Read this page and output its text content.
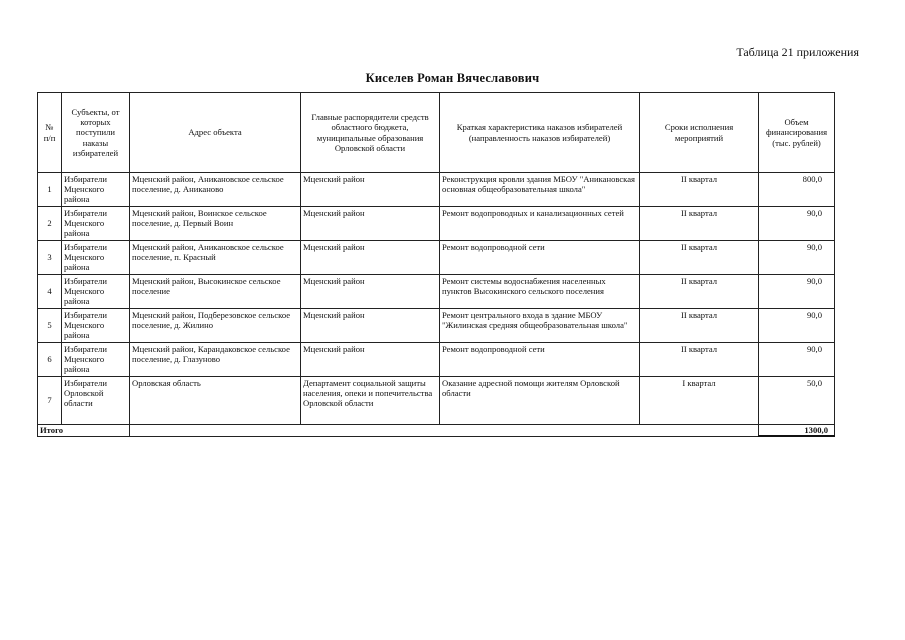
Таблица 21 приложения
Киселев Роман Вячеславович
№ п/п	Субъекты, от которых поступили наказы избирателей	Адрес объекта	Главные распорядители средств областного бюджета, муниципальные образования Орловской области	Краткая характеристика наказов избирателей (направленность наказов избирателей)	Сроки исполнения мероприятий	Объем финансирования (тыс. рублей)
1	Избиратели Мценского района	Мценский район, Аникановское сельское поселение, д. Аниканово	Мценский район	Реконструкция кровли здания МБОУ "Аникановская основная общеобразовательная школа"	II квартал	800,0
2	Избиратели Мценского района	Мценский район, Воинское сельское поселение, д. Первый Воин	Мценский район	Ремонт водопроводных и канализационных сетей	II квартал	90,0
3	Избиратели Мценского района	Мценский район, Аникановское сельское поселение, п. Красный	Мценский район	Ремонт водопроводной сети	II квартал	90,0
4	Избиратели Мценского района	Мценский район, Высокинское сельское поселение	Мценский район	Ремонт системы водоснабжения населенных пунктов Высокинского сельского поселения	II квартал	90,0
5	Избиратели Мценского района	Мценский район, Подберезовское сельское поселение, д. Жилино	Мценский район	Ремонт центрального входа в здание МБОУ "Жилинская средняя общеобразовательная школа"	II квартал	90,0
6	Избиратели Мценского района	Мценский район, Карандаковское сельское поселение, д. Глазуново	Мценский район	Ремонт водопроводной сети	II квартал	90,0
7	Избиратели Орловской области	Орловская область	Департамент социальной защиты населения, опеки и попечительства Орловской области	Оказание адресной помощи жителям Орловской области	I квартал	50,0
Итого						1300,0
